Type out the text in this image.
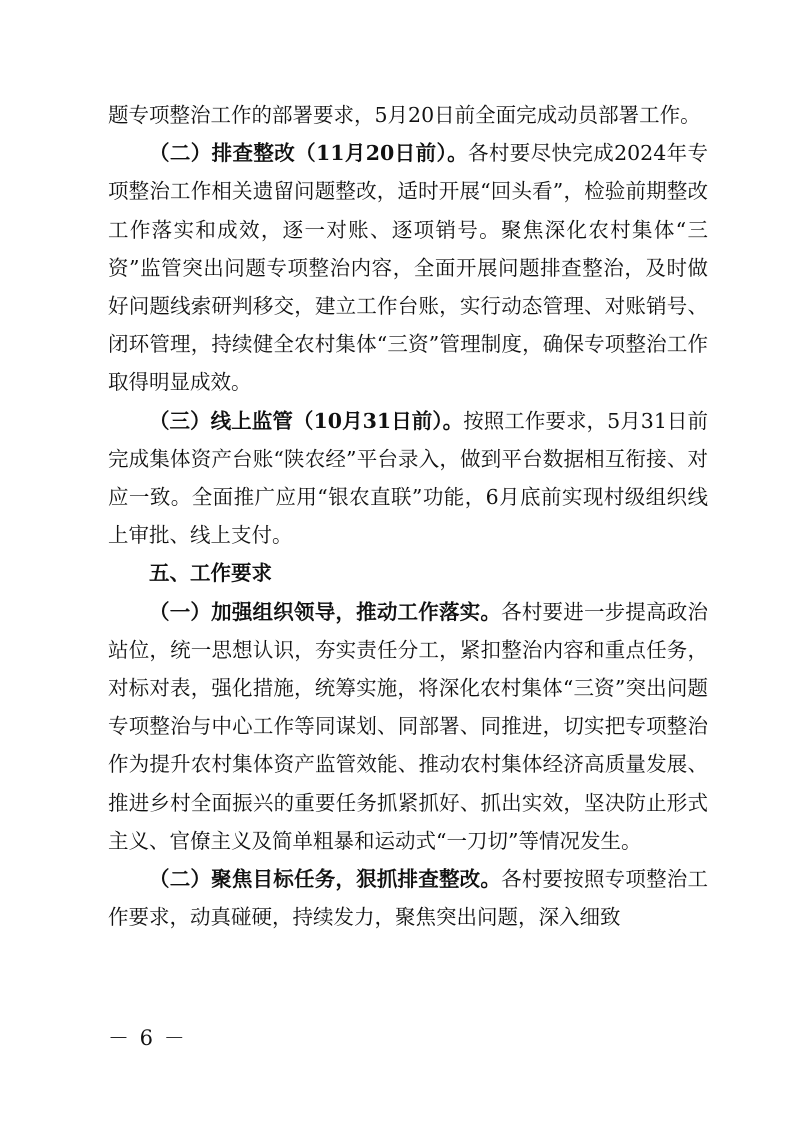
题专项整治工作的部署要求，5月20日前全面完成动员部署工作。

（二）排查整改（11月20日前）。各村要尽快完成2024年专项整治工作相关遗留问题整改，适时开展“回头看”，检验前期整改工作落实和成效，逐一对账、逐项销号。聚焦深化农村集体“三资”监管突出问题专项整治内容，全面开展问题排查整治，及时做好问题线索研判移交，建立工作台账，实行动态管理、对账销号、闭环管理，持续健全农村集体“三资”管理制度，确保专项整治工作取得明显成效。

（三）线上监管（10月31日前）。按照工作要求，5月31日前完成集体资产台账“陕农经”平台录入，做到平台数据相互衔接、对应一致。全面推广应用“银农直联”功能，6月底前实现村级组织线上审批、线上支付。

五、工作要求

（一）加强组织领导，推动工作落实。各村要进一步提高政治站位，统一思想认识，夯实责任分工，紧扣整治内容和重点任务，对标对表，强化措施，统筹实施，将深化农村集体“三资”突出问题专项整治与中心工作等同谋划、同部署、同推进，切实把专项整治作为提升农村集体资产监管效能、推动农村集体经济高质量发展、推进乡村全面振兴的重要任务抓紧抓好、抓出实效，坚决防止形式主义、官僚主义及简单粗暴和运动式“一刀切”等情况发生。

（二）聚焦目标任务，狠抓排查整改。各村要按照专项整治工作要求，动真碰硬，持续发力，聚焦突出问题，深入细致

－ 6 －
